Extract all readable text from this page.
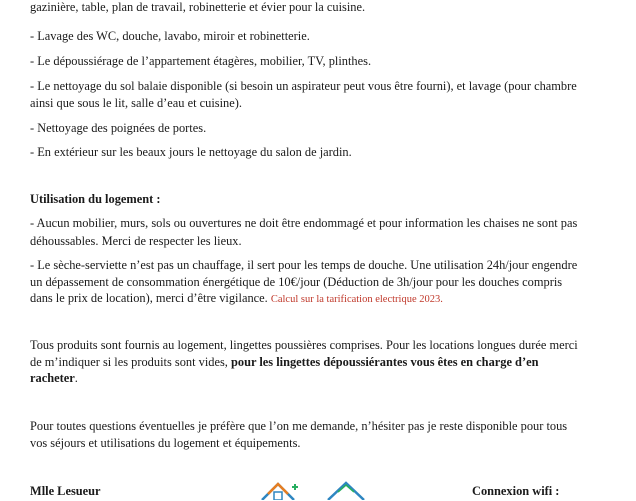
gazinière, table, plan de travail, robinetterie et évier pour la cuisine.
- Lavage des WC, douche, lavabo, miroir et robinetterie.
- Le dépoussiérage de l’appartement étagères, mobilier, TV, plinthes.
- Le nettoyage du sol balaie disponible (si besoin un aspirateur peut vous être fourni), et lavage (pour chambre
ainsi que sous le lit, salle d’eau et cuisine).
- Nettoyage des poignées de portes.
- En extérieur sur les beaux jours le nettoyage du salon de jardin.
Utilisation du logement :
- Aucun mobilier, murs, sols ou ouvertures ne doit être endommagé et pour information les chaises ne sont pas
déhoussables. Merci de respecter les lieux.
- Le sèche-serviette n’est pas un chauffage, il sert pour les temps de douche. Une utilisation 24h/jour engendre
un dépassement de consommation énergétique de 10€/jour (Déduction de 3h/jour pour les douches compris
dans le prix de location), merci d’être vigilance. Calcul sur la tarification electrique 2023.
Tous produits sont fournis au logement, lingettes poussières comprises. Pour les locations longues durée merci
de m’indiquer si les produits sont vides, pour les lingettes dépoussiérantes vous êtes en charge d’en
racheter.
Pour toutes questions éventuelles je préfère que l’on me demande, n’hésiter pas je reste disponible pour tous
vos séjours et utilisations du logement et équipements.
Mlle Lesueur	Connexion wifi :
